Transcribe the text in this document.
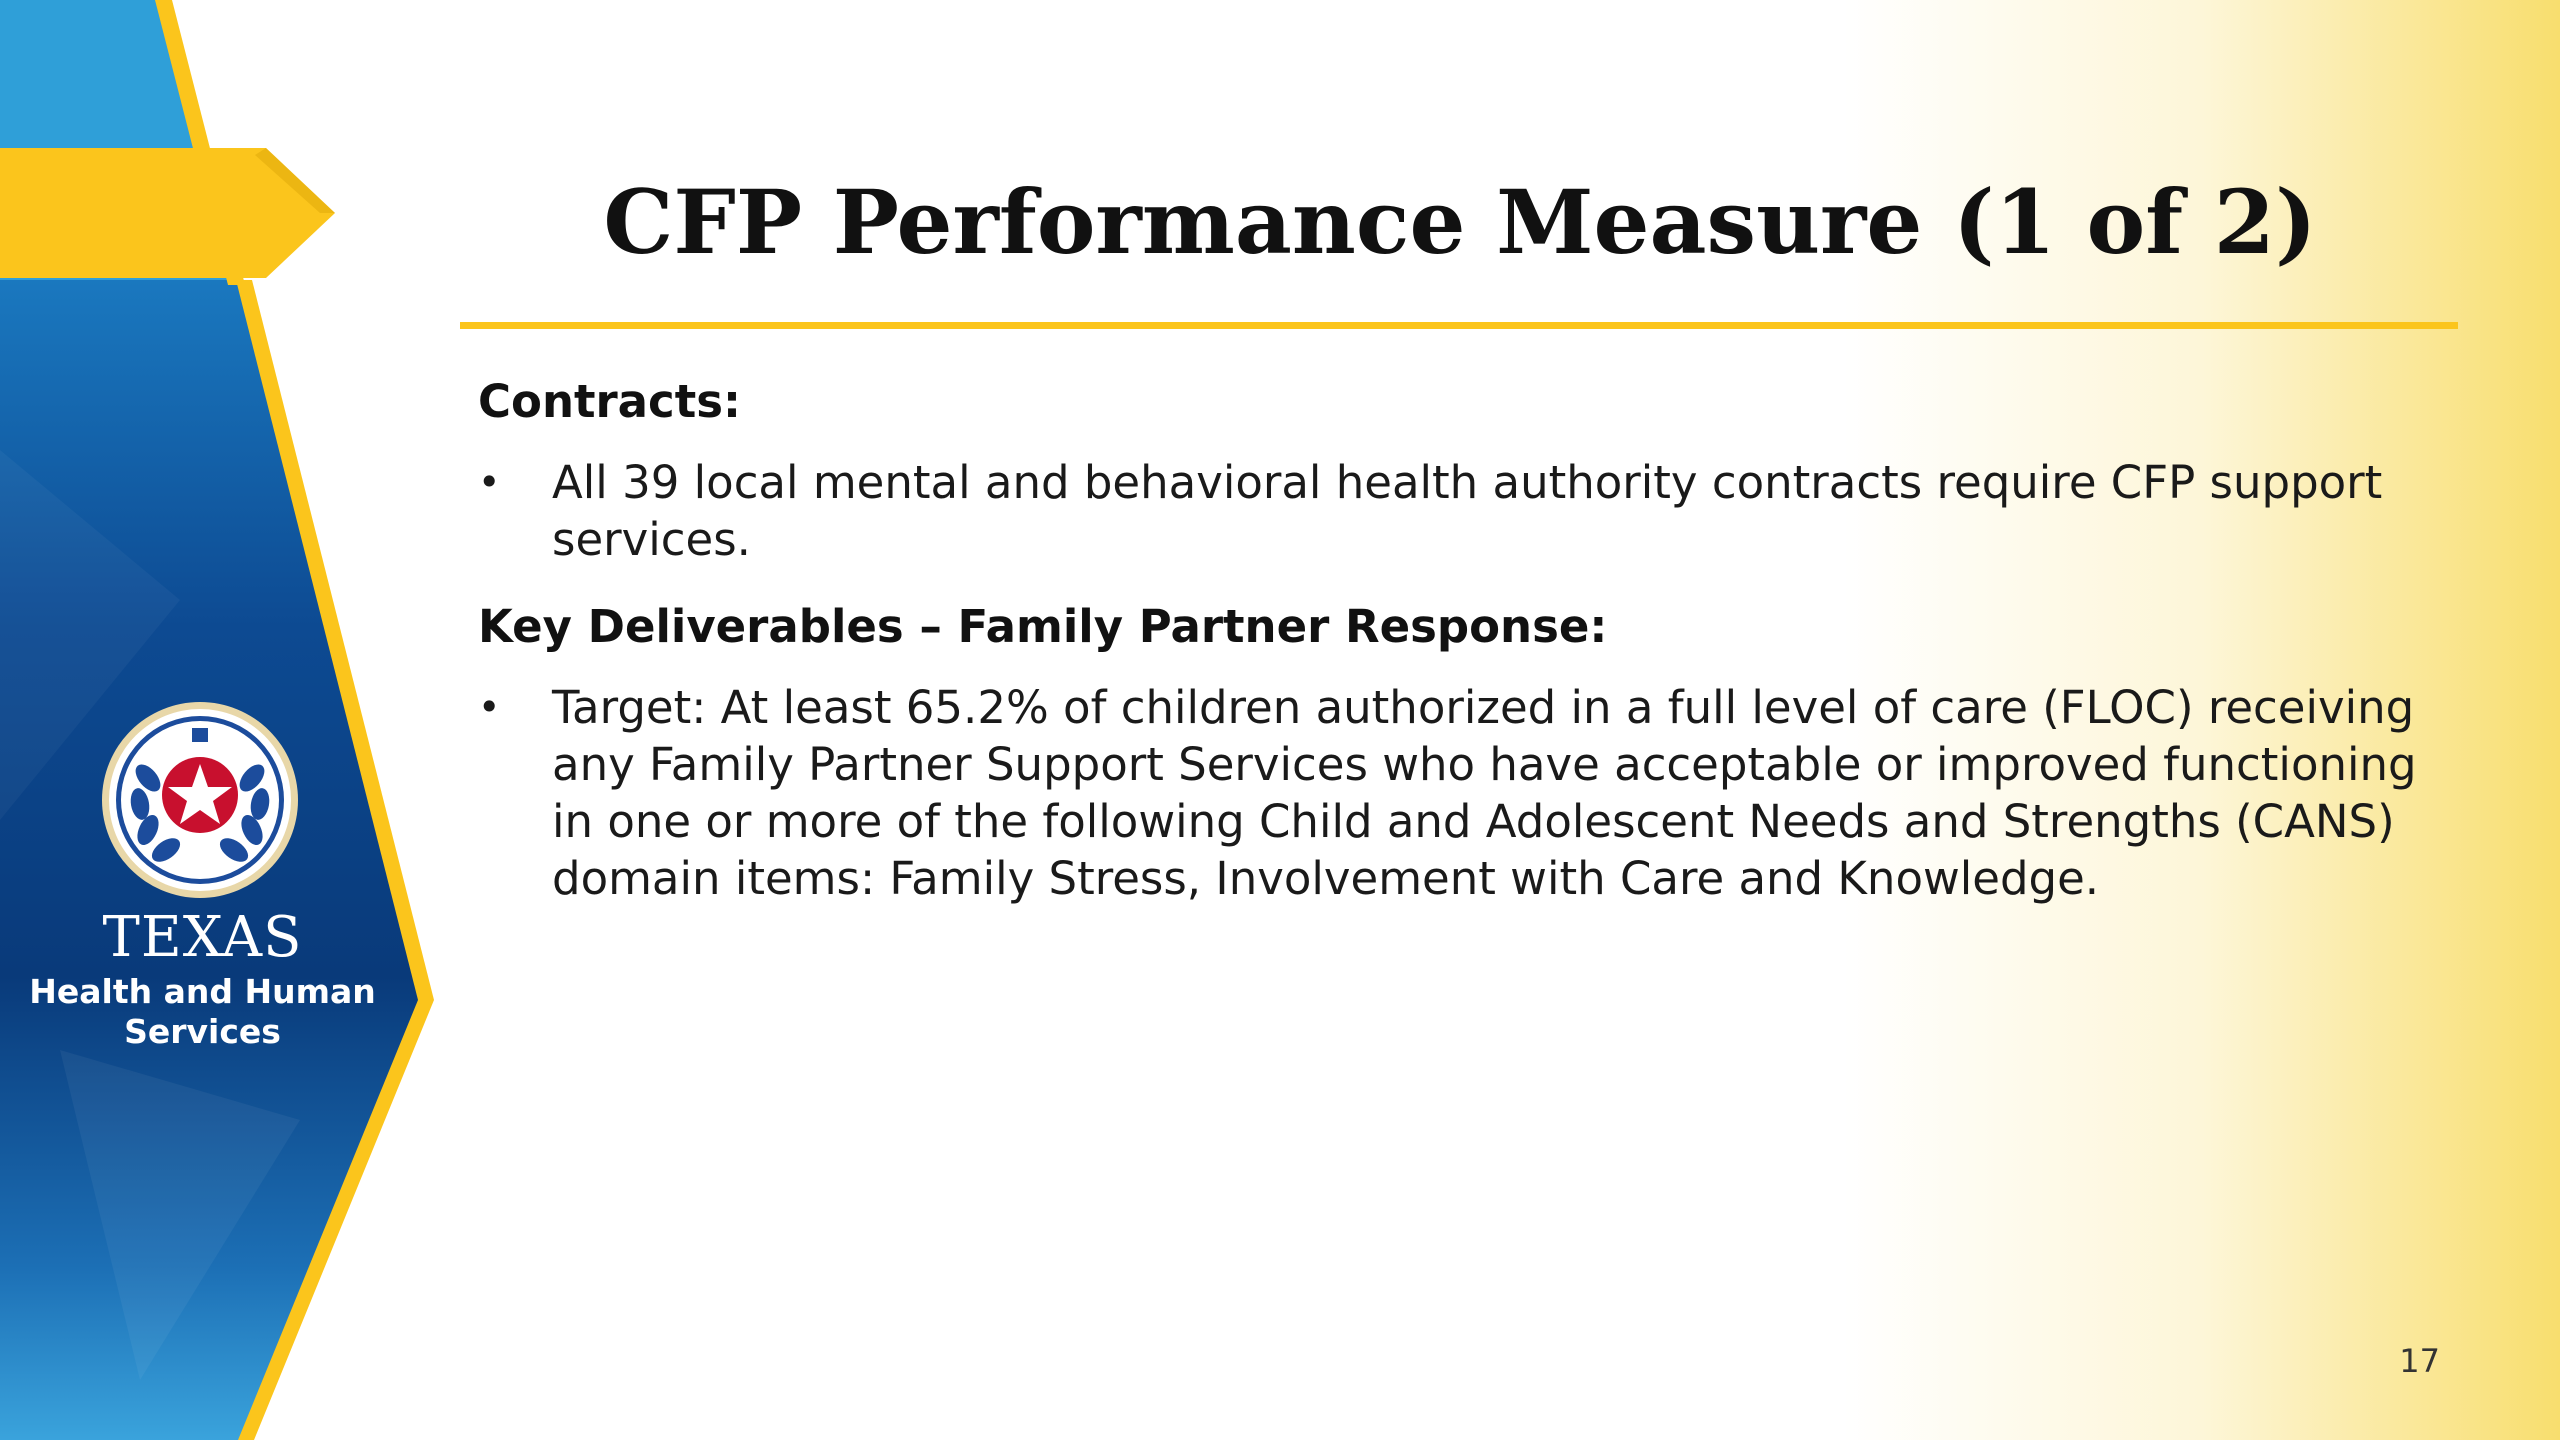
TEXAS

Health and Human

Services

CFP Performance Measure (1 of 2)
Contracts:
•	All 39 local mental and behavioral health authority contracts require CFP support services.
Key Deliverables – Family Partner Response:
•	Target: At least 65.2% of children authorized in a full level of care (FLOC) receiving any Family Partner Support Services who have acceptable or improved functioning in one or more of the following Child and Adolescent Needs and Strengths (CANS) domain items: Family Stress, Involvement with Care and Knowledge.

17
